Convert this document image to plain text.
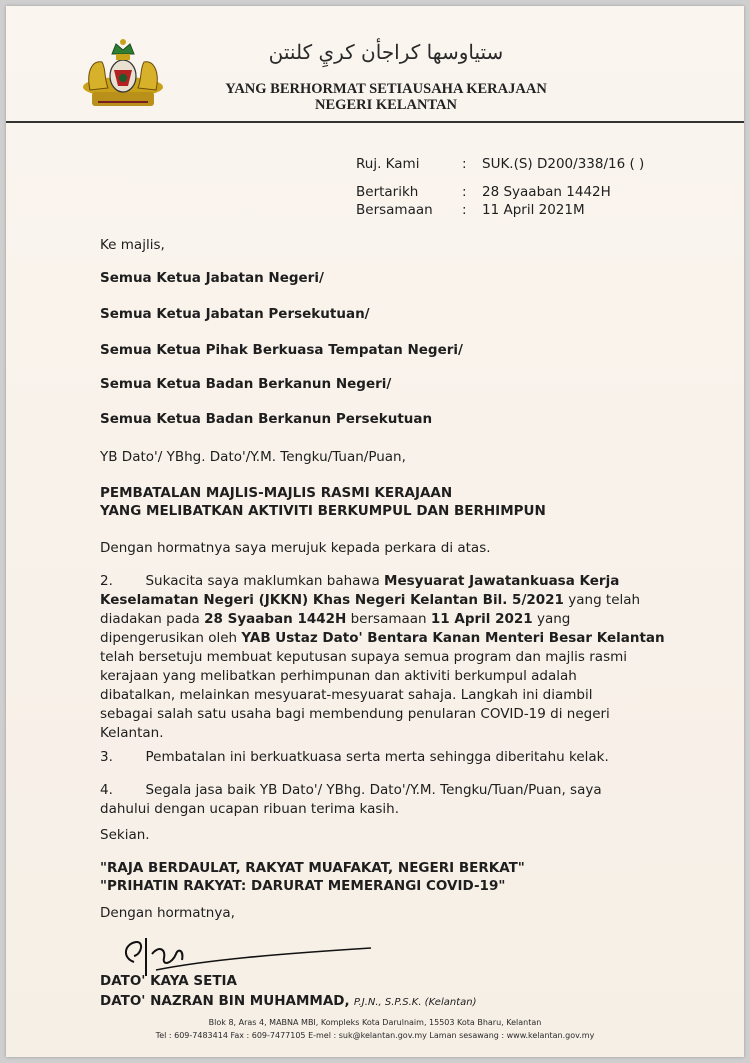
ستياوسها كراجأن كريِ كلنتن
YANG BERHORMAT SETIAUSAHA KERAJAAN
NEGERI KELANTAN
Ruj. Kami	: SUK.(S) D200/338/16 ( )
Bertarikh	: 28 Syaaban 1442H
Bersamaan	: 11 April 2021M
Ke majlis,
Semua Ketua Jabatan Negeri/
Semua Ketua Jabatan Persekutuan/
Semua Ketua Pihak Berkuasa Tempatan Negeri/
Semua Ketua Badan Berkanun Negeri/
Semua Ketua Badan Berkanun Persekutuan
YB Dato'/ YBhg. Dato'/Y.M. Tengku/Tuan/Puan,
PEMBATALAN MAJLIS-MAJLIS RASMI KERAJAAN
YANG MELIBATKAN AKTIVITI BERKUMPUL DAN BERHIMPUN
Dengan hormatnya saya merujuk kepada perkara di atas.
2. Sukacita saya maklumkan bahawa Mesyuarat Jawatankuasa Kerja
Keselamatan Negeri (JKKN) Khas Negeri Kelantan Bil. 5/2021 yang telah
diadakan pada 28 Syaaban 1442H bersamaan 11 April 2021 yang
dipengerusikan oleh YAB Ustaz Dato' Bentara Kanan Menteri Besar Kelantan
telah bersetuju membuat keputusan supaya semua program dan majlis rasmi
kerajaan yang melibatkan perhimpunan dan aktiviti berkumpul adalah
dibatalkan, melainkan mesyuarat-mesyuarat sahaja. Langkah ini diambil
sebagai salah satu usaha bagi membendung penularan COVID-19 di negeri
Kelantan.
3. Pembatalan ini berkuatkuasa serta merta sehingga diberitahu kelak.
4. Segala jasa baik YB Dato'/ YBhg. Dato'/Y.M. Tengku/Tuan/Puan, saya
dahului dengan ucapan ribuan terima kasih.
Sekian.
"RAJA BERDAULAT, RAKYAT MUAFAKAT, NEGERI BERKAT"
"PRIHATIN RAKYAT: DARURAT MEMERANGI COVID-19"
Dengan hormatnya,
DATO' KAYA SETIA
DATO' NAZRAN BIN MUHAMMAD, P.J.N., S.P.S.K. (Kelantan)
Blok 8, Aras 4, MABNA MBI, Kompleks Kota Darulnaim, 15503 Kota Bharu, Kelantan
Tel : 609-7483414 Fax : 609-7477105 E-mel : suk@kelantan.gov.my Laman sesawang : www.kelantan.gov.my
